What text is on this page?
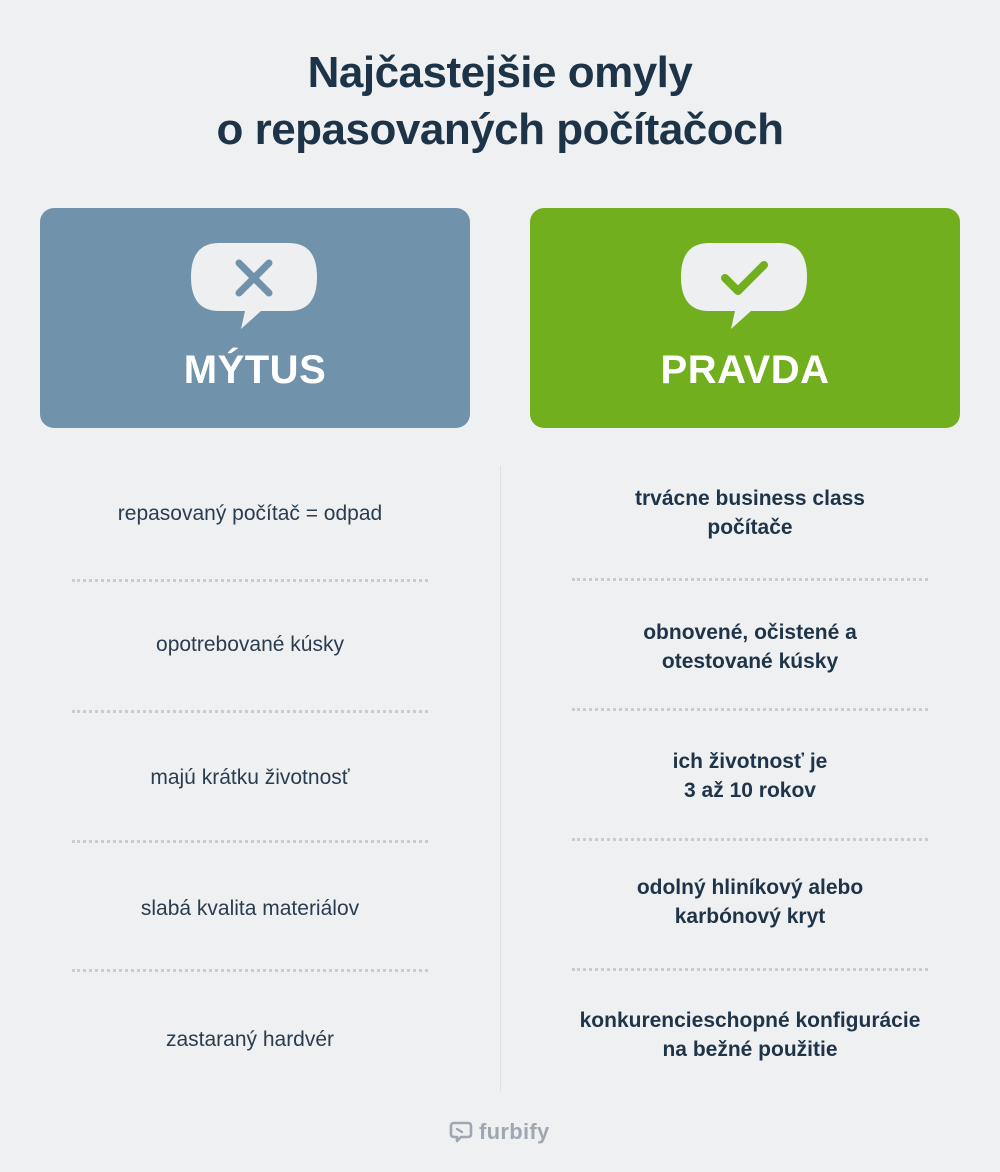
Najčastejšie omyly
o repasovaných počítačoch
MÝTUS	PRAVDA
repasovaný počítač = odpad
trvácne business class
počítače
opotrebované kúsky
obnovené, očistené a
otestované kúsky
majú krátku životnosť
ich životnosť je
3 až 10 rokov
slabá kvalita materiálov
odolný hliníkový alebo
karbónový kryt
zastaraný hardvér
konkurencieschopné konfigurácie
na bežné použitie
furbify
